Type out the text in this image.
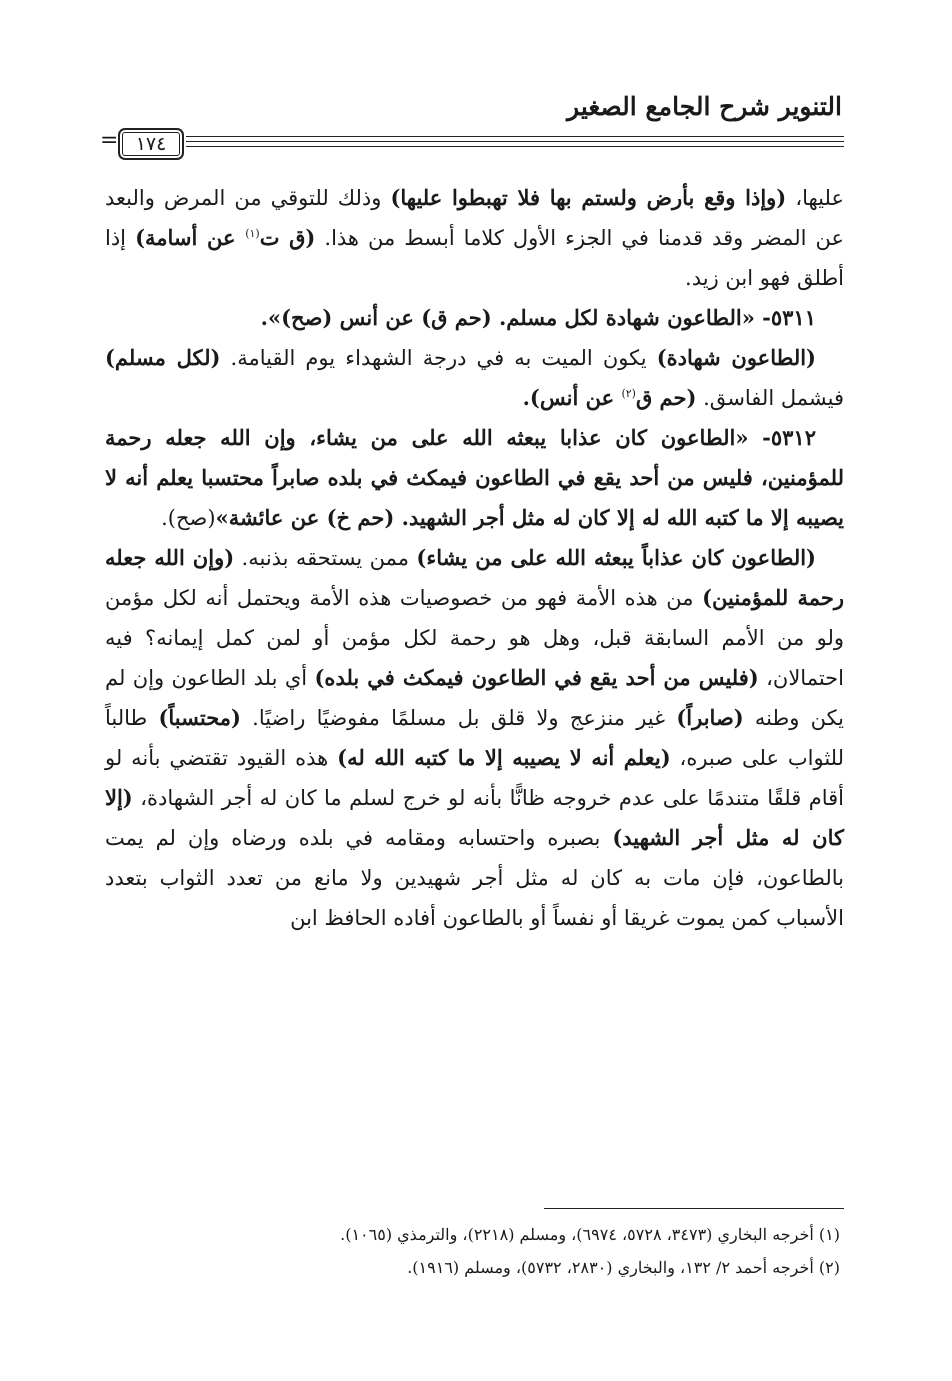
التنوير شرح الجامع الصغير
١٧٤
=

عليها، (وإذا وقع بأرض ولستم بها فلا تهبطوا عليها) وذلك للتوقي من المرض والبعد عن المضر وقد قدمنا في الجزء الأول كلاما أبسط من هذا. (ق ت$^{(١)}$ عن أسامة) إذا أطلق فهو ابن زيد.

٥٣١١- «الطاعون شهادة لكل مسلم. (حم ق) عن أنس (صح)».

(الطاعون شهادة) يكون الميت به في درجة الشهداء يوم القيامة. (لكل مسلم) فيشمل الفاسق. (حم ق$^{(٢)}$ عن أنس).

٥٣١٢- «الطاعون كان عذابا يبعثه الله على من يشاء، وإن الله جعله رحمة للمؤمنين، فليس من أحد يقع في الطاعون فيمكث في بلده صابراً محتسبا يعلم أنه لا يصيبه إلا ما كتبه الله له إلا كان له مثل أجر الشهيد. (حم خ) عن عائشة»(صح).

(الطاعون كان عذاباً يبعثه الله على من يشاء) ممن يستحقه بذنبه. (وإن الله جعله رحمة للمؤمنين) من هذه الأمة فهو من خصوصيات هذه الأمة ويحتمل أنه لكل مؤمن ولو من الأمم السابقة قبل، وهل هو رحمة لكل مؤمن أو لمن كمل إيمانه؟ فيه احتمالان، (فليس من أحد يقع في الطاعون فيمكث في بلده) أي بلد الطاعون وإن لم يكن وطنه (صابراً) غير منزعج ولا قلق بل مسلمًا مفوضيًا راضيًا. (محتسباً) طالباً للثواب على صبره، (يعلم أنه لا يصيبه إلا ما كتبه الله له) هذه القيود تقتضي بأنه لو أقام قلقًا متندمًا على عدم خروجه ظانًّا بأنه لو خرج لسلم ما كان له أجر الشهادة، (إلا كان له مثل أجر الشهيد) بصبره واحتسابه ومقامه في بلده ورضاه وإن لم يمت بالطاعون، فإن مات به كان له مثل أجر شهيدين ولا مانع من تعدد الثواب بتعدد الأسباب كمن يموت غريقا أو نفساً أو بالطاعون أفاده الحافظ ابن

(١) أخرجه البخاري (٣٤٧٣، ٥٧٢٨، ٦٩٧٤)، ومسلم (٢٢١٨)، والترمذي (١٠٦٥).

(٢) أخرجه أحمد ٢/ ١٣٢، والبخاري (٢٨٣٠، ٥٧٣٢)، ومسلم (١٩١٦).
